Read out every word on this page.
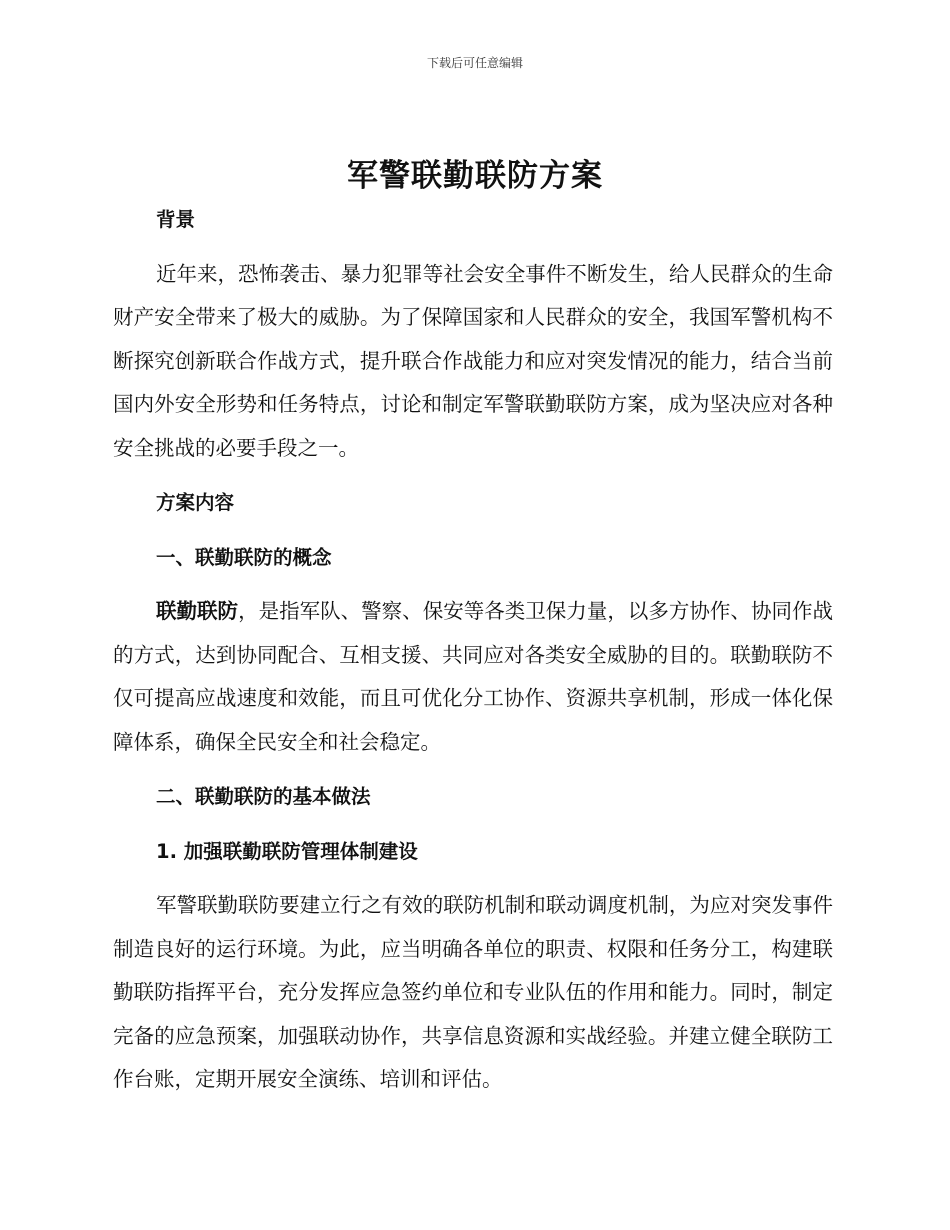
下载后可任意编辑
军警联勤联防方案

背景

近年来，恐怖袭击、暴力犯罪等社会安全事件不断发生，给人民群众的生命财产安全带来了极大的威胁。为了保障国家和人民群众的安全，我国军警机构不断探究创新联合作战方式，提升联合作战能力和应对突发情况的能力，结合当前国内外安全形势和任务特点，讨论和制定军警联勤联防方案，成为坚决应对各种安全挑战的必要手段之一。

方案内容

一、联勤联防的概念

联勤联防，是指军队、警察、保安等各类卫保力量，以多方协作、协同作战的方式，达到协同配合、互相支援、共同应对各类安全威胁的目的。联勤联防不仅可提高应战速度和效能，而且可优化分工协作、资源共享机制，形成一体化保障体系，确保全民安全和社会稳定。

二、联勤联防的基本做法

1. 加强联勤联防管理体制建设

军警联勤联防要建立行之有效的联防机制和联动调度机制，为应对突发事件制造良好的运行环境。为此，应当明确各单位的职责、权限和任务分工，构建联勤联防指挥平台，充分发挥应急签约单位和专业队伍的作用和能力。同时，制定完备的应急预案，加强联动协作，共享信息资源和实战经验。并建立健全联防工作台账，定期开展安全演练、培训和评估。
